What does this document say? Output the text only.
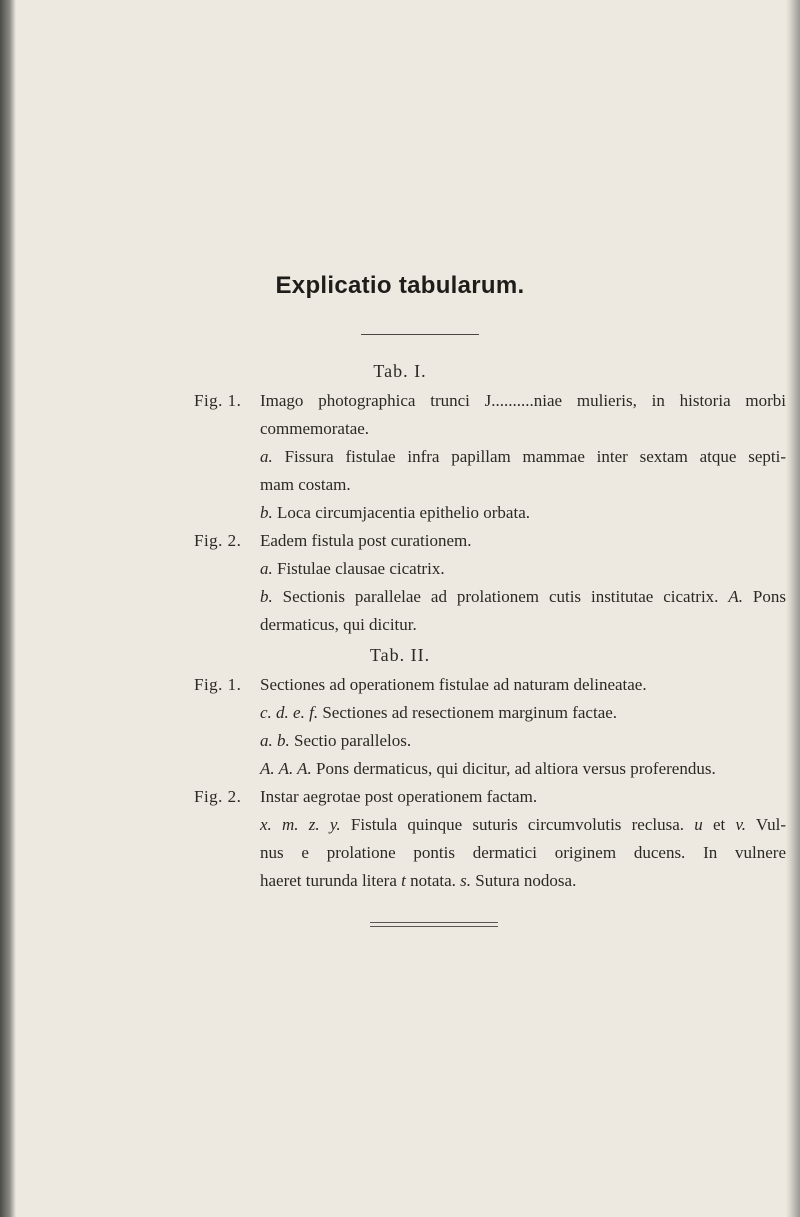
Explicatio tabularum.
Tab. I.
Fig. 1. Imago photographica trunci J..........niae mulieris, in historia morbi
commemoratae.
a. Fissura fistulae infra papillam mammae inter sextam atque septi-
mam costam.
b. Loca circumjacentia epithelio orbata.
Fig. 2. Eadem fistula post curationem.
a. Fistulae clausae cicatrix.
b. Sectionis parallelae ad prolationem cutis institutae cicatrix. A. Pons
dermaticus, qui dicitur.
Tab. II.
Fig. 1. Sectiones ad operationem fistulae ad naturam delineatae.
c. d. e. f. Sectiones ad resectionem marginum factae.
a. b. Sectio parallelos.
A. A. A. Pons dermaticus, qui dicitur, ad altiora versus proferendus.
Fig. 2. Instar aegrotae post operationem factam.
x. m. z. y. Fistula quinque suturis circumvolutis reclusa. u et v. Vul-
nus e prolatione pontis dermatici originem ducens. In vulnere
haeret turunda litera t notata. s. Sutura nodosa.
